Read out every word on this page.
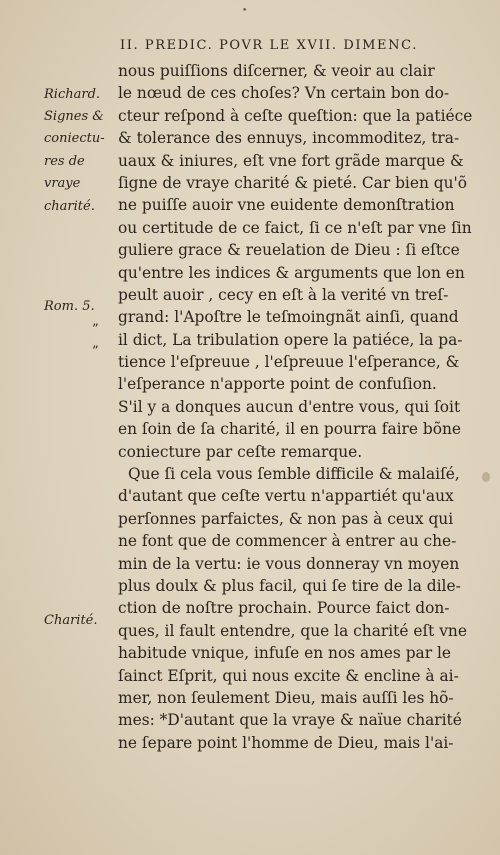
•
II. PREDIC. POVR LE XVII. DIMENC.
Richard.
Signes &
coniectu-
res de
vraye
charité.
Rom. 5.
Charité.
”
”
nous puiſſions diſcerner, & veoir au clair
le nœud de ces choſes? Vn certain bon do-
cteur reſpond à ceſte queſtion: que la patiéce
& tolerance des ennuys, incommoditez, tra-
uaux & iniures, eſt vne fort grãde marque &
ſigne de vraye charité & pieté. Car bien qu'õ
ne puiſſe auoir vne euidente demonſtration
ou certitude de ce faict, ſi ce n'eſt par vne ſin
guliere grace & reuelation de Dieu : ſi eſtce
qu'entre les indices & arguments que lon en
peult auoir , cecy en eſt à la verité vn treſ-
grand: l'Apoſtre le teſmoingnãt ainſi, quand
il dict, La tribulation opere la patiéce, la pa-
tience l'eſpreuue , l'eſpreuue l'eſperance, &
l'eſperance n'apporte point de confuſion.
S'il y a donques aucun d'entre vous, qui ſoit
en ſoin de ſa charité, il en pourra faire bõne
coniecture par ceſte remarque.
Que ſi cela vous ſemble difficile & malaiſé,
d'autant que ceſte vertu n'appartiét qu'aux
perſonnes parfaictes, & non pas à ceux qui
ne font que de commencer à entrer au che-
min de la vertu: ie vous donneray vn moyen
plus doulx & plus facil, qui ſe tire de la dile-
ction de noſtre prochain. Pource faict don-
ques, il fault entendre, que la charité eſt vne
habitude vnique, infuſe en nos ames par le
ſainct Eſprit, qui nous excite & encline à ai-
mer, non ſeulement Dieu, mais auſſi les hõ-
mes: *D'autant que la vraye & naïue charité
ne ſepare point l'homme de Dieu, mais l'ai-
